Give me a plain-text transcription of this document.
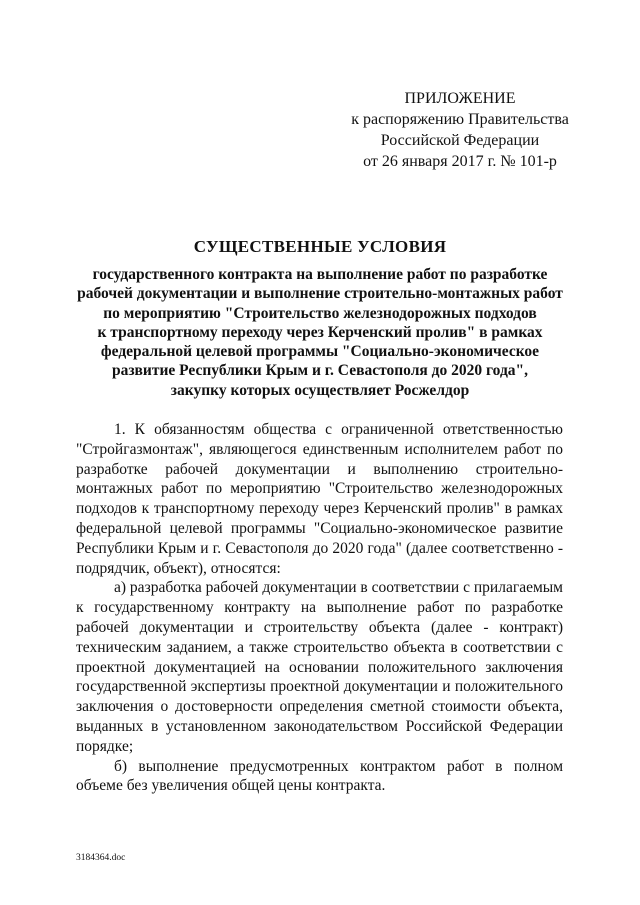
ПРИЛОЖЕНИЕ
к распоряжению Правительства
Российской Федерации
от 26 января 2017 г. № 101-р
СУЩЕСТВЕННЫЕ УСЛОВИЯ
государственного контракта на выполнение работ по разработке
рабочей документации и выполнение строительно-монтажных работ
по мероприятию "Строительство железнодорожных подходов
к транспортному переходу через Керченский пролив" в рамках
федеральной целевой программы "Социально-экономическое
развитие Республики Крым и г. Севастополя до 2020 года",
закупку которых осуществляет Росжелдор

1. К обязанностям общества с ограниченной ответственностью "Стройгазмонтаж", являющегося единственным исполнителем работ по разработке рабочей документации и выполнению строительно-монтажных работ по мероприятию "Строительство железнодорожных подходов к транспортному переходу через Керченский пролив" в рамках федеральной целевой программы "Социально-экономическое развитие Республики Крым и г. Севастополя до 2020 года" (далее соответственно - подрядчик, объект), относятся:

а) разработка рабочей документации в соответствии с прилагаемым к государственному контракту на выполнение работ по разработке рабочей документации и строительству объекта (далее - контракт) техническим заданием, а также строительство объекта в соответствии с проектной документацией на основании положительного заключения государственной экспертизы проектной документации и положительного заключения о достоверности определения сметной стоимости объекта, выданных в установленном законодательством Российской Федерации порядке;

б) выполнение предусмотренных контрактом работ в полном объеме без увеличения общей цены контракта.

3184364.doc
